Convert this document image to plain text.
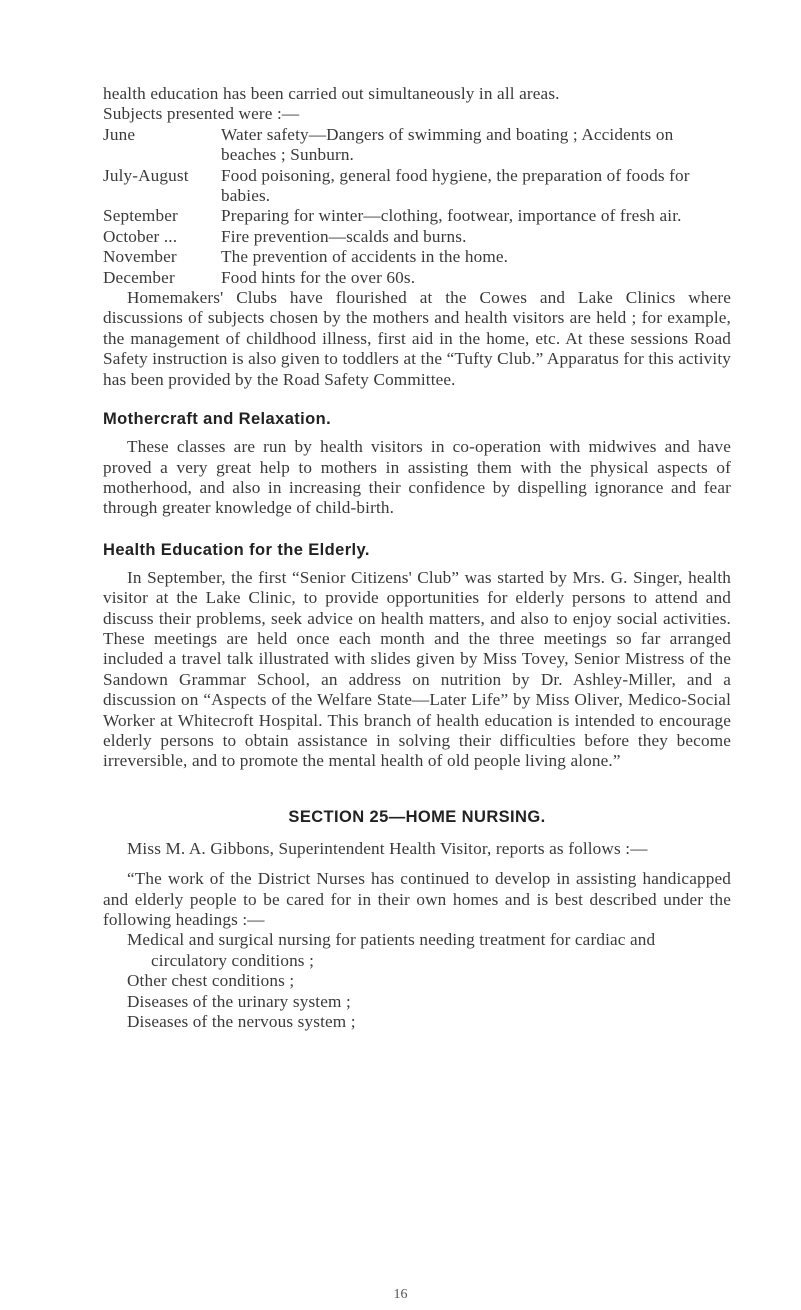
health education has been carried out simultaneously in all areas.

Subjects presented were :—

June	Water safety—Dangers of swimming and boating ; Accidents on beaches ; Sunburn.
July-August	Food poisoning, general food hygiene, the preparation of foods for babies.
September	Preparing for winter—clothing, footwear, importance of fresh air.
October ...	Fire prevention—scalds and burns.
November	The prevention of accidents in the home.
December	Food hints for the over 60s.

Homemakers' Clubs have flourished at the Cowes and Lake Clinics where discussions of subjects chosen by the mothers and health visitors are held ; for example, the management of childhood illness, first aid in the home, etc. At these sessions Road Safety instruction is also given to toddlers at the “Tufty Club.” Apparatus for this activity has been provided by the Road Safety Committee.

Mothercraft and Relaxation.

These classes are run by health visitors in co-operation with midwives and have proved a very great help to mothers in assisting them with the physical aspects of motherhood, and also in increasing their confidence by dispelling ignorance and fear through greater knowledge of child-birth.

Health Education for the Elderly.

In September, the first “Senior Citizens' Club” was started by Mrs. G. Singer, health visitor at the Lake Clinic, to provide opportunities for elderly persons to attend and discuss their problems, seek advice on health matters, and also to enjoy social activities. These meetings are held once each month and the three meetings so far arranged included a travel talk illustrated with slides given by Miss Tovey, Senior Mistress of the Sandown Grammar School, an address on nutrition by Dr. Ashley-Miller, and a discussion on “Aspects of the Welfare State—Later Life” by Miss Oliver, Medico-Social Worker at Whitecroft Hospital. This branch of health education is intended to encourage elderly persons to obtain assistance in solving their difficulties before they become irreversible, and to promote the mental health of old people living alone.”

SECTION 25—HOME NURSING.

Miss M. A. Gibbons, Superintendent Health Visitor, reports as follows :—

“The work of the District Nurses has continued to develop in assisting handicapped and elderly people to be cared for in their own homes and is best described under the following headings :—

Medical and surgical nursing for patients needing treatment for cardiac and circulatory conditions ;

Other chest conditions ;

Diseases of the urinary system ;

Diseases of the nervous system ;

16
